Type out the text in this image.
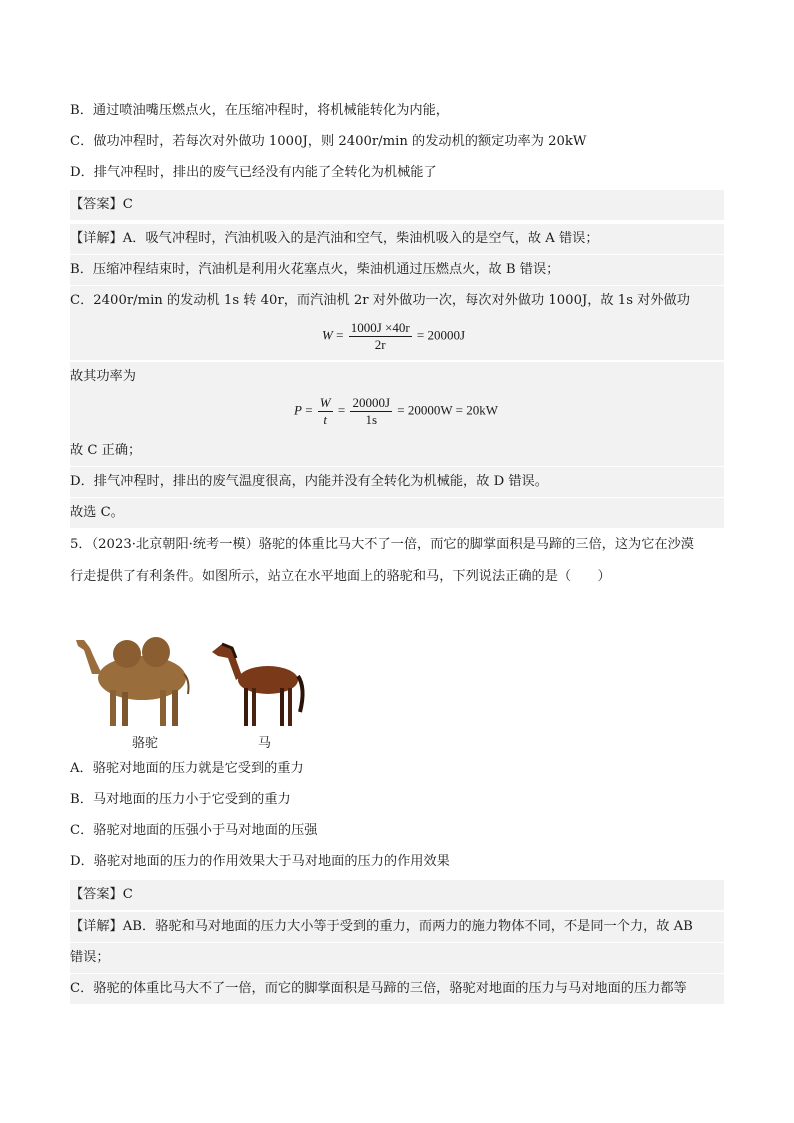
B．通过喷油嘴压燃点火，在压缩冲程时，将机械能转化为内能，
C．做功冲程时，若每次对外做功 1000J，则 2400r/min 的发动机的额定功率为 20kW
D．排气冲程时，排出的废气已经没有内能了全转化为机械能了
【答案】C
【详解】A．吸气冲程时，汽油机吸入的是汽油和空气，柴油机吸入的是空气，故 A 错误；
B．压缩冲程结束时，汽油机是利用火花塞点火，柴油机通过压燃点火，故 B 错误；
C．2400r/min 的发动机 1s 转 40r，而汽油机 2r 对外做功一次，每次对外做功 1000J，故 1s 对外做功
$W = \frac{1000J \times 40r}{2r} = 20000J$
故其功率为
$P = \frac{W}{t} = \frac{20000J}{1s} = 20000W = 20kW$
故 C 正确；
D．排气冲程时，排出的废气温度很高，内能并没有全转化为机械能，故 D 错误。
故选 C。
5．（2023·北京朝阳·统考一模）骆驼的体重比马大不了一倍，而它的脚掌面积是马蹄的三倍，这为它在沙漠
行走提供了有利条件。如图所示，站立在水平地面上的骆驼和马，下列说法正确的是（　　）
骆驼	马
A．骆驼对地面的压力就是它受到的重力
B．马对地面的压力小于它受到的重力
C．骆驼对地面的压强小于马对地面的压强
D．骆驼对地面的压力的作用效果大于马对地面的压力的作用效果
【答案】C
【详解】AB．骆驼和马对地面的压力大小等于受到的重力，而两力的施力物体不同，不是同一个力，故 AB
错误；
C．骆驼的体重比马大不了一倍，而它的脚掌面积是马蹄的三倍，骆驼对地面的压力与马对地面的压力都等
